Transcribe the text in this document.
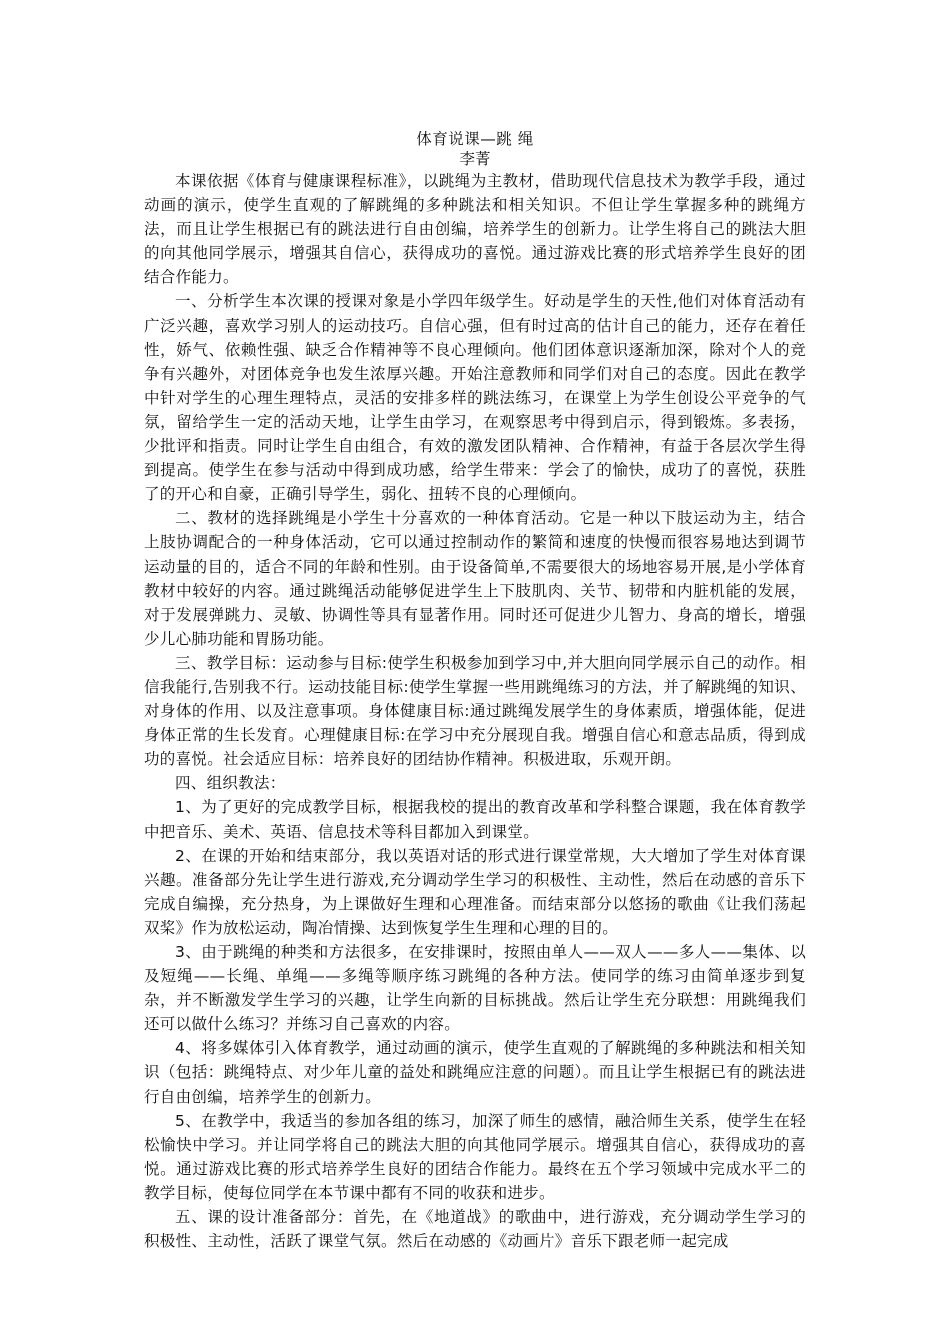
体育说课—跳 绳

李菁

本课依据《体育与健康课程标准》，以跳绳为主教材，借助现代信息技术为教学手段，通过动画的演示，使学生直观的了解跳绳的多种跳法和相关知识。不但让学生掌握多种的跳绳方法，而且让学生根据已有的跳法进行自由创编，培养学生的创新力。让学生将自己的跳法大胆的向其他同学展示，增强其自信心，获得成功的喜悦。通过游戏比赛的形式培养学生良好的团结合作能力。

一、分析学生本次课的授课对象是小学四年级学生。好动是学生的天性,他们对体育活动有广泛兴趣，喜欢学习别人的运动技巧。自信心强，但有时过高的估计自己的能力，还存在着任性，娇气、依赖性强、缺乏合作精神等不良心理倾向。他们团体意识逐渐加深，除对个人的竞争有兴趣外，对团体竞争也发生浓厚兴趣。开始注意教师和同学们对自己的态度。因此在教学中针对学生的心理生理特点，灵活的安排多样的跳法练习，在课堂上为学生创设公平竞争的气氛，留给学生一定的活动天地，让学生由学习，在观察思考中得到启示，得到锻炼。多表扬，少批评和指责。同时让学生自由组合，有效的激发团队精神、合作精神，有益于各层次学生得到提高。使学生在参与活动中得到成功感，给学生带来：学会了的愉快，成功了的喜悦，获胜了的开心和自豪，正确引导学生，弱化、扭转不良的心理倾向。

二、教材的选择跳绳是小学生十分喜欢的一种体育活动。它是一种以下肢运动为主，结合上肢协调配合的一种身体活动，它可以通过控制动作的繁简和速度的快慢而很容易地达到调节运动量的目的，适合不同的年龄和性别。由于设备简单,不需要很大的场地容易开展,是小学体育教材中较好的内容。通过跳绳活动能够促进学生上下肢肌肉、关节、韧带和内脏机能的发展，对于发展弹跳力、灵敏、协调性等具有显著作用。同时还可促进少儿智力、身高的增长，增强少儿心肺功能和胃肠功能。

三、教学目标：运动参与目标:使学生积极参加到学习中,并大胆向同学展示自己的动作。相信我能行,告别我不行。运动技能目标:使学生掌握一些用跳绳练习的方法，并了解跳绳的知识、对身体的作用、以及注意事项。身体健康目标:通过跳绳发展学生的身体素质，增强体能，促进身体正常的生长发育。心理健康目标:在学习中充分展现自我。增强自信心和意志品质，得到成功的喜悦。社会适应目标：培养良好的团结协作精神。积极进取，乐观开朗。

四、组织教法：

1、为了更好的完成教学目标，根据我校的提出的教育改革和学科整合课题，我在体育教学中把音乐、美术、英语、信息技术等科目都加入到课堂。

2、在课的开始和结束部分，我以英语对话的形式进行课堂常规，大大增加了学生对体育课兴趣。准备部分先让学生进行游戏,充分调动学生学习的积极性、主动性，然后在动感的音乐下完成自编操，充分热身，为上课做好生理和心理准备。而结束部分以悠扬的歌曲《让我们荡起双桨》作为放松运动，陶冶情操、达到恢复学生生理和心理的目的。

3、由于跳绳的种类和方法很多，在安排课时，按照由单人——双人——多人——集体、以及短绳——长绳、单绳——多绳等顺序练习跳绳的各种方法。使同学的练习由简单逐步到复杂，并不断激发学生学习的兴趣，让学生向新的目标挑战。然后让学生充分联想：用跳绳我们还可以做什么练习？并练习自己喜欢的内容。

4、将多媒体引入体育教学，通过动画的演示，使学生直观的了解跳绳的多种跳法和相关知识（包括：跳绳特点、对少年儿童的益处和跳绳应注意的问题）。而且让学生根据已有的跳法进行自由创编，培养学生的创新力。

5、在教学中，我适当的参加各组的练习，加深了师生的感情，融洽师生关系，使学生在轻松愉快中学习。并让同学将自己的跳法大胆的向其他同学展示。增强其自信心，获得成功的喜悦。通过游戏比赛的形式培养学生良好的团结合作能力。最终在五个学习领域中完成水平二的教学目标，使每位同学在本节课中都有不同的收获和进步。

五、课的设计准备部分：首先，在《地道战》的歌曲中，进行游戏，充分调动学生学习的积极性、主动性，活跃了课堂气氛。然后在动感的《动画片》音乐下跟老师一起完成
